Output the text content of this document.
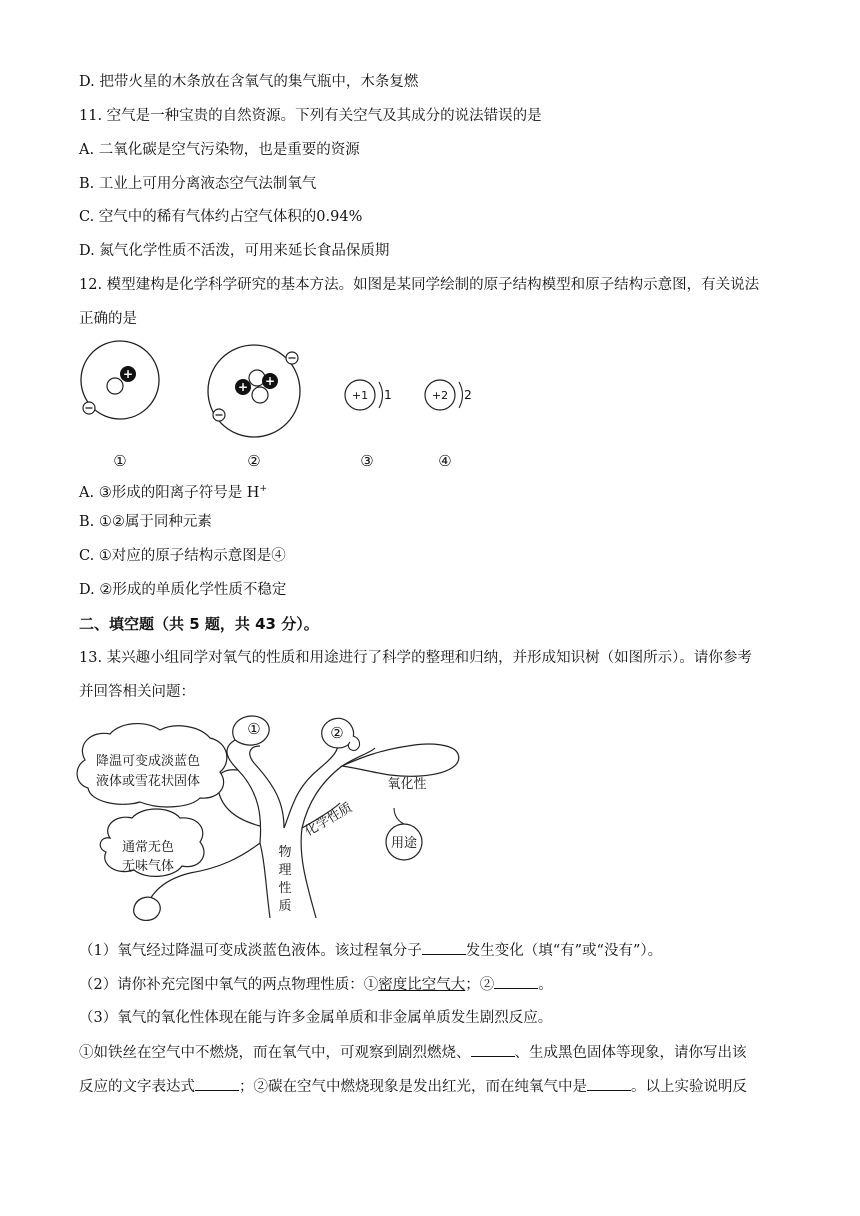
D. 把带火星的木条放在含氧气的集气瓶中，木条复燃
11. 空气是一种宝贵的自然资源。下列有关空气及其成分的说法错误的是
A. 二氧化碳是空气污染物，也是重要的资源
B. 工业上可用分离液态空气法制氧气
C. 空气中的稀有气体约占空气体积的0.94%
D. 氮气化学性质不活泼，可用来延长食品保质期
12. 模型建构是化学科学研究的基本方法。如图是某同学绘制的原子结构模型和原子结构示意图，有关说法
正确的是
+
+ +
+1 1	+2 2
①	②	③	④
A. ③形成的阳离子符号是 H+
B. ①②属于同种元素
C. ①对应的原子结构示意图是④
D. ②形成的单质化学性质不稳定
二、填空题（共 5 题，共 43 分）。
13. 某兴趣小组同学对氧气的性质和用途进行了科学的整理和归纳，并形成知识树（如图所示）。请你参考
并回答相关问题：
①	②
降温可变成淡蓝色
液体或雪花状固体
通常无色
无味气体
氧化性
用途
化学性质
物
理
性
质
（1）氧气经过降温可变成淡蓝色液体。该过程氧分子	发生变化（填“有”或“没有”）。
（2）请你补充完图中氧气的两点物理性质：①密度比空气大；②	。
（3）氧气的氧化性体现在能与许多金属单质和非金属单质发生剧烈反应。
①如铁丝在空气中不燃烧，而在氧气中，可观察到剧烈燃烧、	、生成黑色固体等现象，请你写出该
反应的文字表达式	；②碳在空气中燃烧现象是发出红光，而在纯氧气中是	。以上实验说明反
